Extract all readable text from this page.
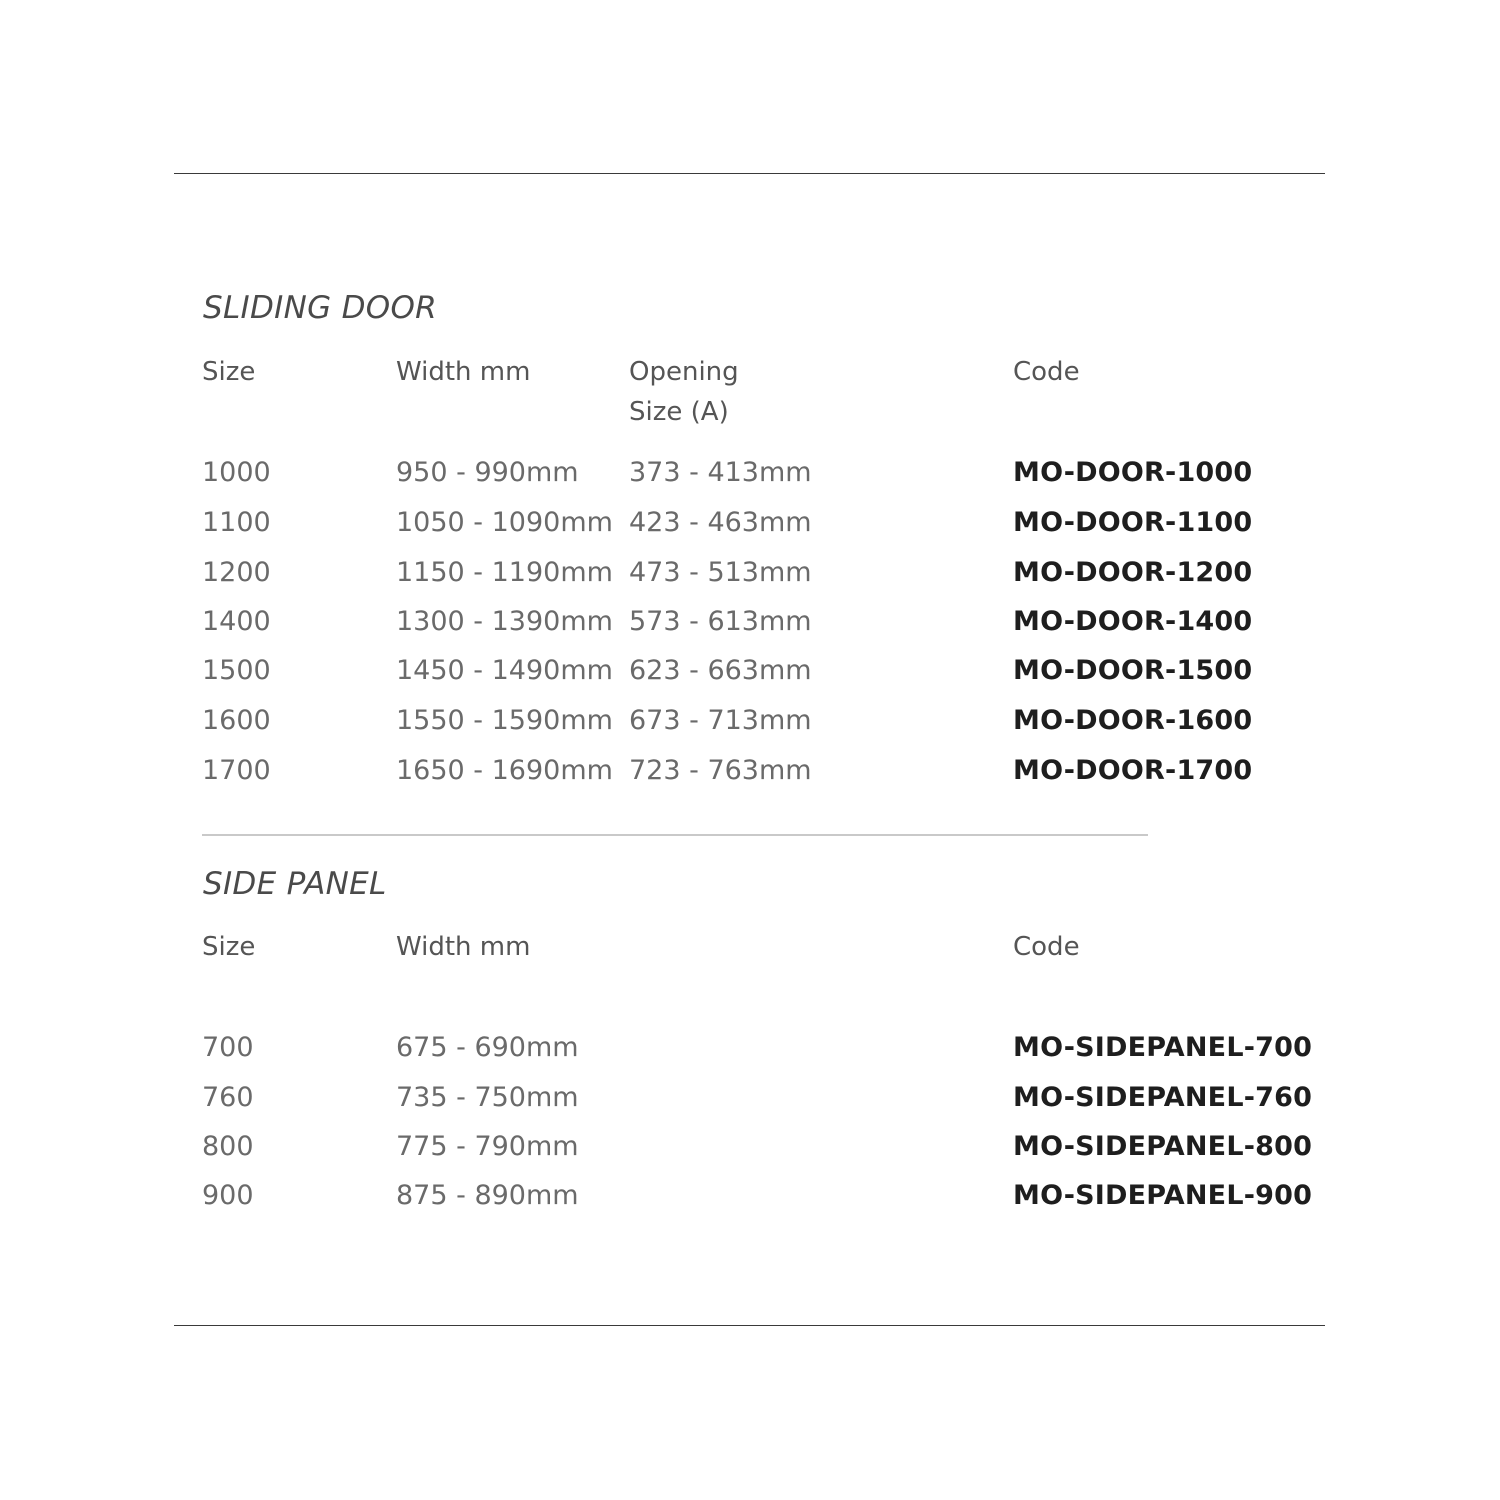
SLIDING DOOR
Size	Width mm	Opening
Size (A)
Code
1000	950 - 990mm 373 - 413mm	MO-DOOR-1000
1100	1050 - 1090mm 423 - 463mm	MO-DOOR-1100
1200	1150 - 1190mm 473 - 513mm	MO-DOOR-1200
1400	1300 - 1390mm 573 - 613mm	MO-DOOR-1400
1500	1450 - 1490mm 623 - 663mm	MO-DOOR-1500
1600	1550 - 1590mm 673 - 713mm	MO-DOOR-1600
1700	1650 - 1690mm 723 - 763mm	MO-DOOR-1700
SIDE PANEL
Size	Width mm	Code
700	675 - 690mm	MO-SIDEPANEL-700
760	735 - 750mm	MO-SIDEPANEL-760
800	775 - 790mm	MO-SIDEPANEL-800
900	875 - 890mm	MO-SIDEPANEL-900
